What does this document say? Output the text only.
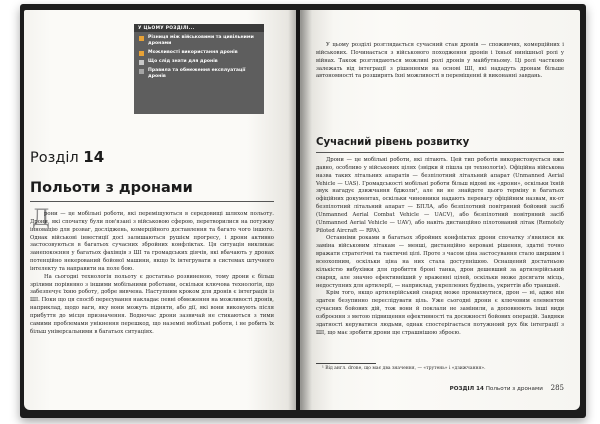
У ЦЬОМУ РОЗДІЛІ...
Різниця між військовими та цивільними дронами
Можливості використання дронів
Що слід знати для дронів
Правила та обмеження експлуатації дронів
Розділ 14
Польоти з дронами
Д

рони — це мобільні роботи, які переміщуються в середовищі шляхом польоту. Дрони, які спочатку були пов'язані з військовою сферою, перетворилися на потужну інновацію для розваг, досліджень, комерційного доставлення та багато чого іншого. Однак військові інвестиції досі залишаються рушієм прогресу, і дрони активно застосовуються в багатьох сучасних збройних конфліктах. Ця ситуація викликає занепокоєння у багатьох фахівців з ШІ та громадських діячів, які вбачають у дронах потенційно некерований бойової машини, якщо їх інтегрувати в системах штучного інтелекту та направити на поле бою.

На сьогодні технологія польоту є достатньо розвиненою, тому дрони є більш зрілими порівняно з іншими мобільними роботами, оскільки ключова технологія, що забезпечує їхню роботу, добре вивчена. Наступним кроком для дронів є інтеграція із ШІ. Поки що ця спосіб пересування накладає певні обмеження на можливості дронів, наприклад, щодо ваги, яку вони можуть підняти, або дії, які вони виконують після прибуття до місця призначення. Водночас дрони зазвичай не стикаються з тими самими проблемами унікнення перешкод, що наземні мобільні роботи, і не робить їх більш універсальними в багатьох ситуаціях.

У цьому розділі розглядається сучасний стан дронів — споживчих, комерційних і військових. Починається з військового походження дронів і їхньої нинішньої ролі у війнах. Також розглядаються можливі ролі дронів у майбутньому. Ці ролі частково залежать від інтеграції з рішеннями на основі ШІ, які нададуть дронам більше автономності та розширять їхні можливості в переміщенні й виконанні завдань.

Сучасний рівень розвитку

Дрони — це мобільні роботи, які літають. Цей тип роботів використовується вже давно, особливо у військових цілях (звідки й пішла ця технологія). Офіційна військова назва таких літальних апаратів — безпілотний літальний апарат (Unmanned Aerial Vehicle — UAS). Громадськості мобільні роботи більш відомі як «дрони», оскільки їхній звук нагадує дзижчання бджоли¹, але ви не знайдете цього терміну в багатьох офіційних документах, оскільки чиновники надають перевагу офіційним назвам, як-от безпілотний літальний апарат — БПЛА, або безпілотний повітряний бойовий засіб (Unmanned Aerial Combat Vehicle — UACV), або безпілотний повітряний засіб (Unmanned Aerial Vehicle — UAV), або навіть дистанційно пілотований літак (Remotely Piloted Aircraft — RPA).

Останніми роками в багатьох збройних конфліктах дрони спочатку з'явилися як заміна військовим літакам — меншi, дистанційно керовані рішення, здатні точно вражати стратегічні та тактичні цілі. Проте з часом ціна застосування стало ширшим і всеохопним, оскільки ціна на них стала доступнішою. Оснащений достатньою кількістю вибухівки для пробиття броні танка, дрон дешевший за артилерійський снаряд, але значно ефективніший у враженні цілей, оскільки може досягати місць, недоступних для артилерії, — наприклад, укреплених будівель, укриттів або траншей.

Крім того, якщо артилерійський снаряд може промахнутися, дрон — ні, адже він здатен безупинно переслідувати ціль. Уже сьогодні дрони є ключовим елементом сучасних бойових дій, тож вони й поклали не замінили, а доповнюють інші види озброєння з метою підвищення ефективності та досяжності бойових операцій. Завдяки здатності керуватися людьми, однак спостерігається потужноий рух бік інтеграції з ШІ, що має зробити дрони ще страшнішою зброєю.

¹ Від англ. drone, що має два значення, — «трутень» і «дзижчання».
РОЗДІЛ 14 Польоти з дронами 285
